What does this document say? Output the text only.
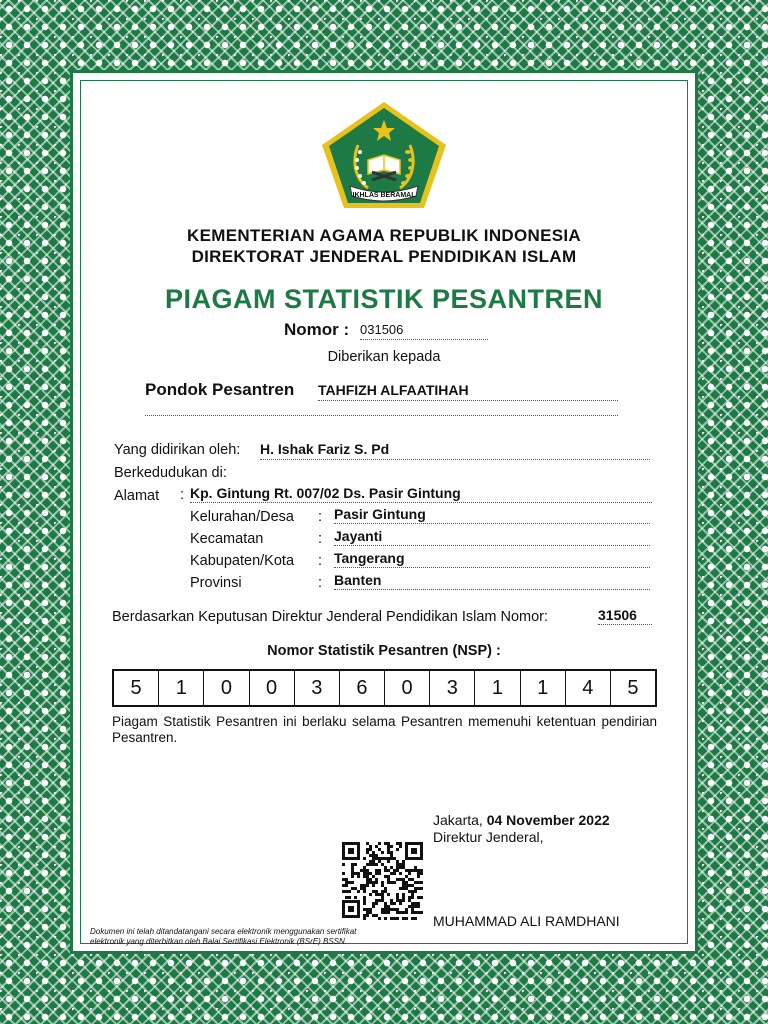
IKHLAS BERAMAL
KEMENTERIAN AGAMA REPUBLIK INDONESIA
DIREKTORAT JENDERAL PENDIDIKAN ISLAM
PIAGAM STATISTIK PESANTREN
Nomor : 031506
Diberikan kepada
Pondok Pesantren TAHFIZH ALFAATIHAH
Yang didirikan oleh: H. Ishak Fariz S. Pd
Berkedudukan di:
Alamat : Kp. Gintung Rt. 007/02 Ds. Pasir Gintung
Kelurahan/Desa : Pasir Gintung
Kecamatan	: Jayanti
Kabupaten/Kota : Tangerang
Provinsi	: Banten
Berdasarkan Keputusan Direktur Jenderal Pendidikan Islam Nomor:	31506
Nomor Statistik Pesantren (NSP) :
5	1	0	0	3	6	0	3	1	1	4	5
Piagam Statistik Pesantren ini berlaku selama Pesantren memenuhi ketentuan pendirian Pesantren.
Jakarta, 04 November 2022
Direktur Jenderal,
MUHAMMAD ALI RAMDHANI
Dokumen ini telah ditandatangani secara elektronik menggunakan sertifikat
elektronik yang diterbitkan oleh Balai Sertifikasi Elektronik (BSrE) BSSN.
